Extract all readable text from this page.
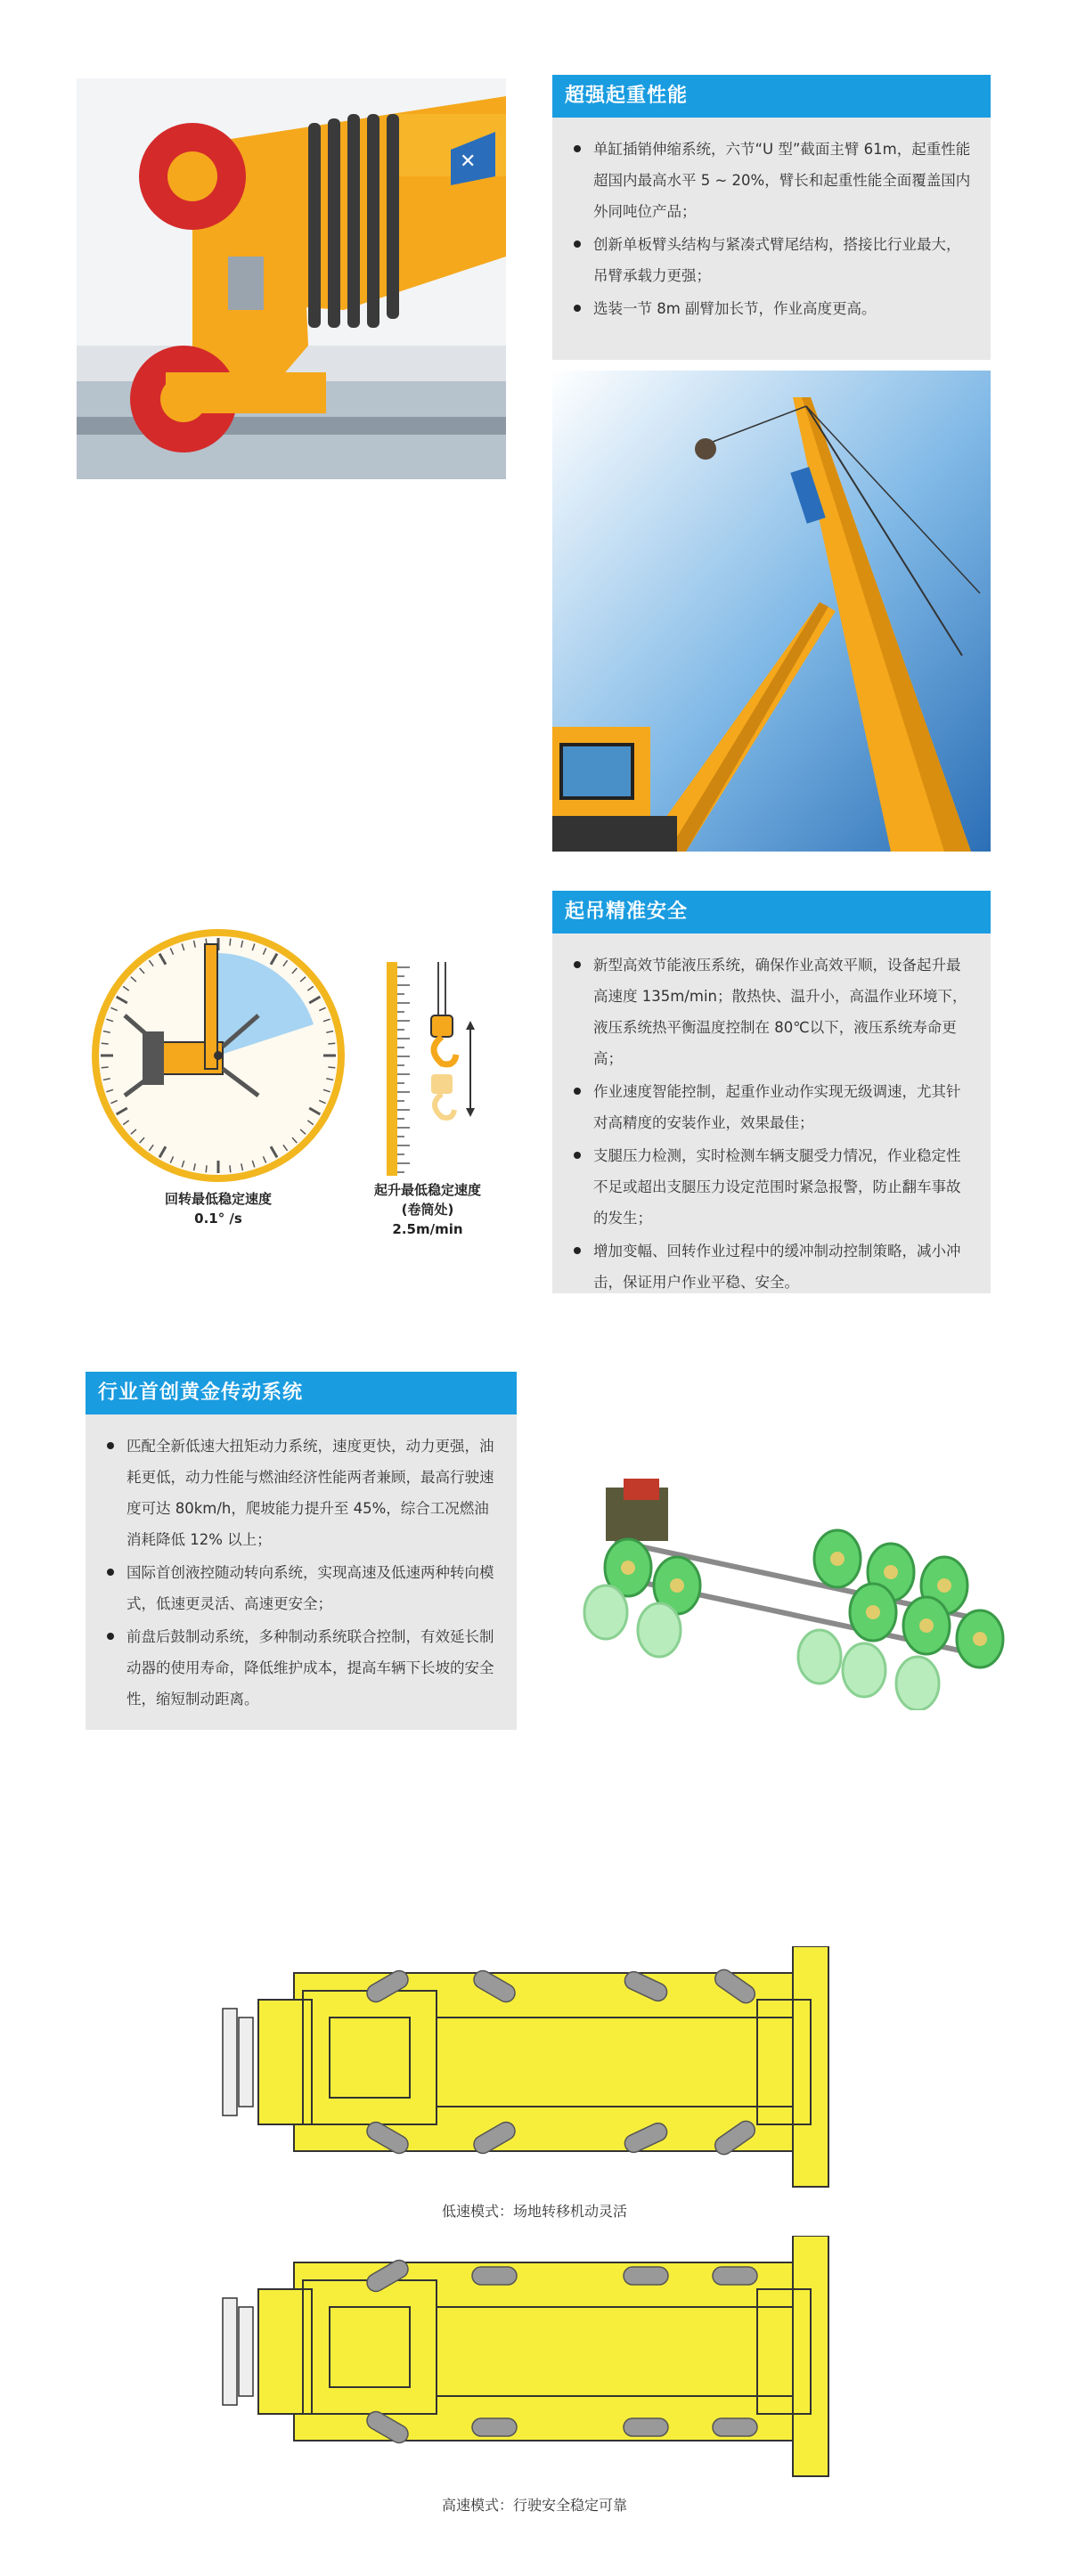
✕
超强起重性能
单缸插销伸缩系统，六节“U 型”截面主臂 61m，起重性能超国内最高水平 5 ~ 20%，臂长和起重性能全面覆盖国内外同吨位产品；
创新单板臂头结构与紧凑式臂尾结构，搭接比行业最大，吊臂承载力更强；
选装一节 8m 副臂加长节，作业高度更高。
回转最低稳定速度
0.1° /s
起升最低稳定速度
(卷筒处)
2.5m/min
起吊精准安全
新型高效节能液压系统，确保作业高效平顺，设备起升最高速度 135m/min；散热快、温升小，高温作业环境下，液压系统热平衡温度控制在 80℃以下，液压系统寿命更高；
作业速度智能控制，起重作业动作实现无级调速，尤其针对高精度的安装作业，效果最佳；
支腿压力检测，实时检测车辆支腿受力情况，作业稳定性不足或超出支腿压力设定范围时紧急报警，防止翻车事故的发生；
增加变幅、回转作业过程中的缓冲制动控制策略，减小冲击，保证用户作业平稳、安全。
行业首创黄金传动系统
匹配全新低速大扭矩动力系统，速度更快，动力更强，油耗更低，动力性能与燃油经济性能两者兼顾，最高行驶速度可达 80km/h，爬坡能力提升至 45%，综合工况燃油消耗降低 12% 以上；
国际首创液控随动转向系统，实现高速及低速两种转向模式，低速更灵活、高速更安全；
前盘后鼓制动系统，多种制动系统联合控制，有效延长制动器的使用寿命，降低维护成本，提高车辆下长坡的安全性，缩短制动距离。
低速模式：场地转移机动灵活
高速模式：行驶安全稳定可靠
